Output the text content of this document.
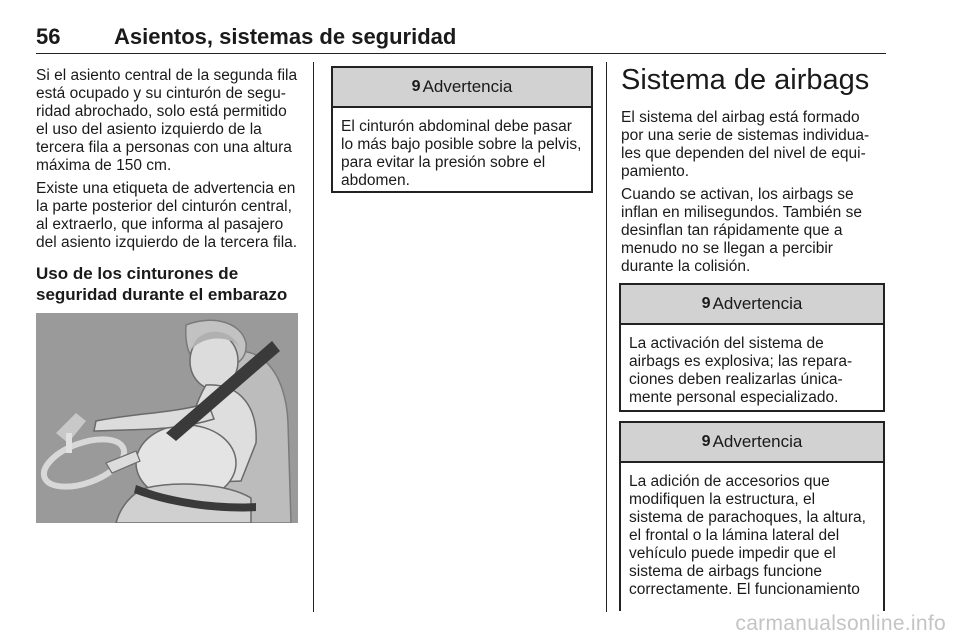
56 Asientos, sistemas de seguridad

Si el asiento central de la segunda fila
está ocupado y su cinturón de segu-
ridad abrochado, solo está permitido
el uso del asiento izquierdo de la
tercera fila a personas con una altura
máxima de 150 cm.

Existe una etiqueta de advertencia en
la parte posterior del cinturón central,
al extraerlo, que informa al pasajero
del asiento izquierdo de la tercera fila.

Uso de los cinturones de
seguridad durante el embarazo
9 Advertencia
El cinturón abdominal debe pasar
lo más bajo posible sobre la pelvis,
para evitar la presión sobre el
abdomen.
Sistema de airbags

El sistema del airbag está formado
por una serie de sistemas individua-
les que dependen del nivel de equi-
pamiento.

Cuando se activan, los airbags se
inflan en milisegundos. También se
desinflan tan rápidamente que a
menudo no se llegan a percibir
durante la colisión.

9 Advertencia
La activación del sistema de
airbags es explosiva; las repara-
ciones deben realizarlas única-
mente personal especializado.
9 Advertencia
La adición de accesorios que
modifiquen la estructura, el
sistema de parachoques, la altura,
el frontal o la lámina lateral del
vehículo puede impedir que el
sistema de airbags funcione
correctamente. El funcionamiento
carmanualsonline.info
